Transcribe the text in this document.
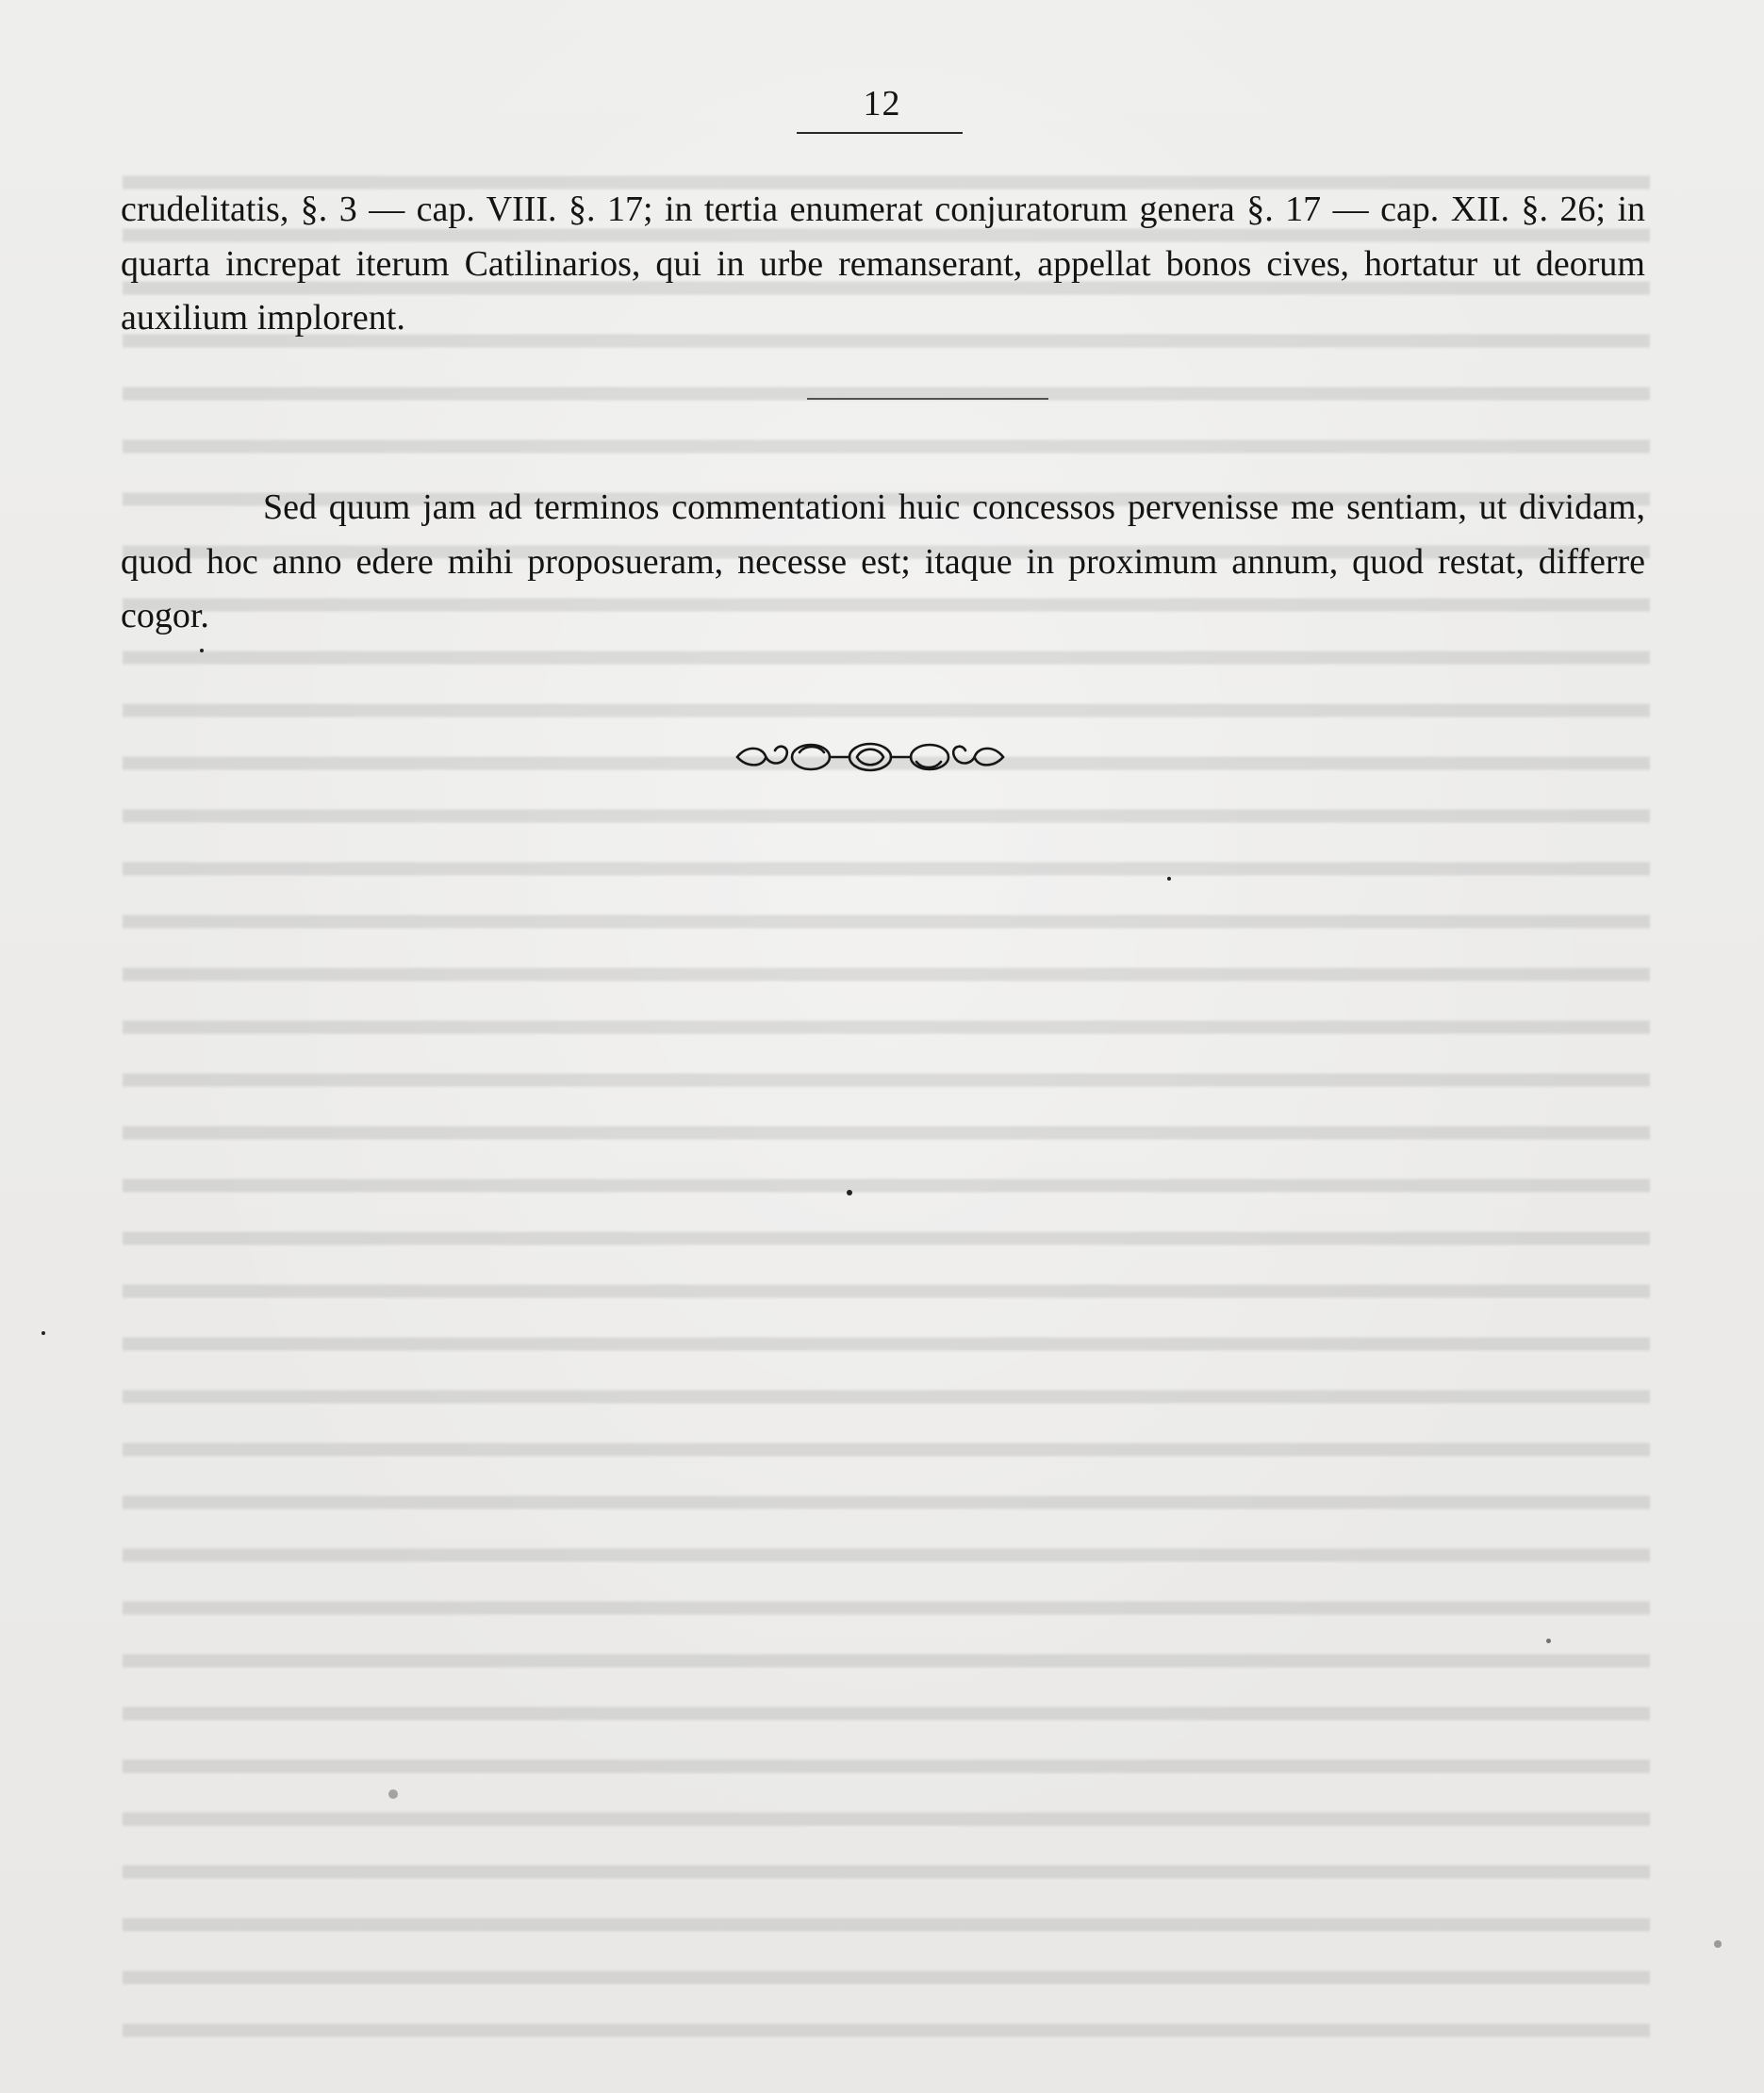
12
crudelitatis, §. 3 — cap. VIII. §. 17; in tertia enumerat conjuratorum genera §. 17 — cap. XII. §. 26; in quarta increpat iterum Catilinarios, qui in urbe remanserant, appellat bonos cives, hortatur ut deorum auxilium implorent.
Sed quum jam ad terminos commentationi huic concessos pervenisse me sentiam, ut dividam, quod hoc anno edere mihi proposueram, necesse est; itaque in proximum annum, quod restat, differre cogor.
